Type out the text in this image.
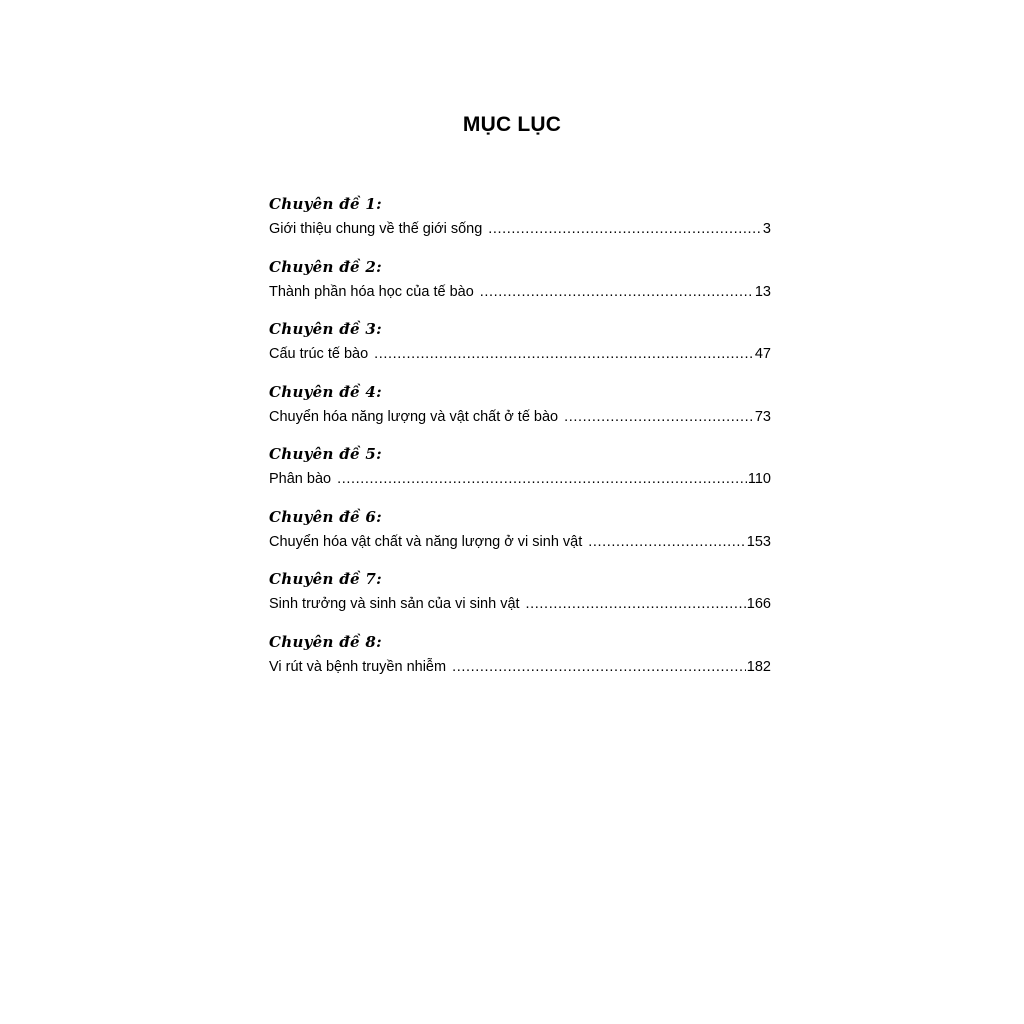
MỤC LỤC
Chuyên đề 1:
Giới thiệu chung về thế giới sống .....	3
Chuyên đề 2:
Thành phần hóa học của tế bào .....	13
Chuyên đề 3:
Cấu trúc tế bào .....	47
Chuyên đề 4:
Chuyển hóa năng lượng và vật chất ở tế bào .....	73
Chuyên đề 5:
Phân bào .....	110
Chuyên đề 6:
Chuyển hóa vật chất và năng lượng ở vi sinh vật .....	153
Chuyên đề 7:
Sinh trưởng và sinh sản của vi sinh vật .....	166
Chuyên đề 8:
Vi rút và bệnh truyền nhiễm .....	182
